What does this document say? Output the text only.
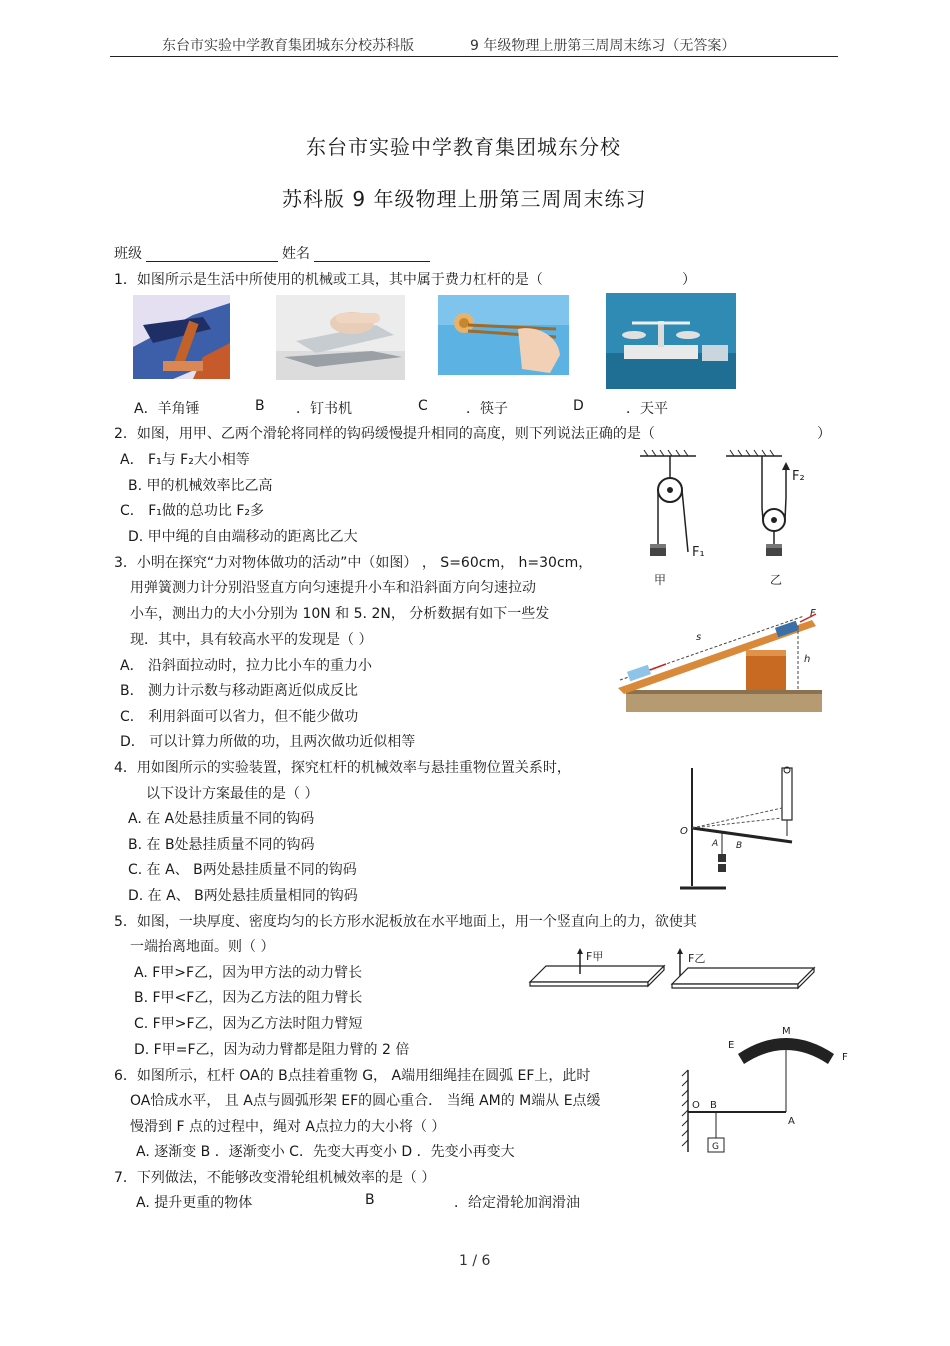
东台市实验中学教育集团城东分校苏科版	9 年级物理上册第三周周末练习（无答案）
东台市实验中学教育集团城东分校
苏科版 9 年级物理上册第三周周末练习
班级	姓名
1．如图所示是生活中所使用的机械或工具，其中属于费力杠杆的是（	）
A．羊角锤	B ．钉书机	C	．筷子	D	．天平
2．如图，用甲、乙两个滑轮将同样的钩码缓慢提升相同的高度，则下列说法正确的是（	）
A． F₁与 F₂大小相等
B. 甲的机械效率比乙高
C． F₁做的总功比 F₂多
D. 甲中绳的自由端移动的距离比乙大
F₁
F₂
甲	乙
3．小明在探究“力对物体做功的活动”中（如图） ， S=60cm， h=30cm，
用弹簧测力计分别沿竖直方向匀速提升小车和沿斜面方向匀速拉动
小车，测出力的大小分别为 10N 和 5. 2N， 分析数据有如下一些发
现．其中，具有较高水平的发现是（ ）
A． 沿斜面拉动时，拉力比小车的重力小
B． 测力计示数与移动距离近似成反比
C． 利用斜面可以省力，但不能少做功
D． 可以计算力所做的功，且两次做功近似相等
s
h
F
4．用如图所示的实验装置，探究杠杆的机械效率与悬挂重物位置关系时，
以下设计方案最佳的是（ ）
A. 在 A处悬挂质量不同的钩码
B. 在 B处悬挂质量不同的钩码
C. 在 A、 B两处悬挂质量不同的钩码
D. 在 A、 B两处悬挂质量相同的钩码
O
A B
5．如图，一块厚度、密度均匀的长方形水泥板放在水平地面上，用一个竖直向上的力，欲使其
一端抬离地面。则（ ）
A. F甲>F乙，因为甲方法的动力臂长
B. F甲<F乙，因为乙方法的阻力臂长
C. F甲>F乙，因为乙方法时阻力臂短
D. F甲=F乙，因为动力臂都是阻力臂的 2 倍
F甲	F乙
6．如图所示，杠杆 OA的 B点挂着重物 G， A端用细绳挂在圆弧 EF上，此时
OA恰成水平， 且 A点与圆弧形架 EF的圆心重合． 当绳 AM的 M端从 E点缓
慢滑到 F 点的过程中，绳对 A点拉力的大小将（ ）
A. 逐渐变 B ．逐渐变小 C．先变大再变小 D ．先变小再变大
E
M
F
O B
A
G
7．下列做法，不能够改变滑轮组机械效率的是（ ）
A. 提升更重的物体	B	．给定滑轮加润滑油
1 / 6
